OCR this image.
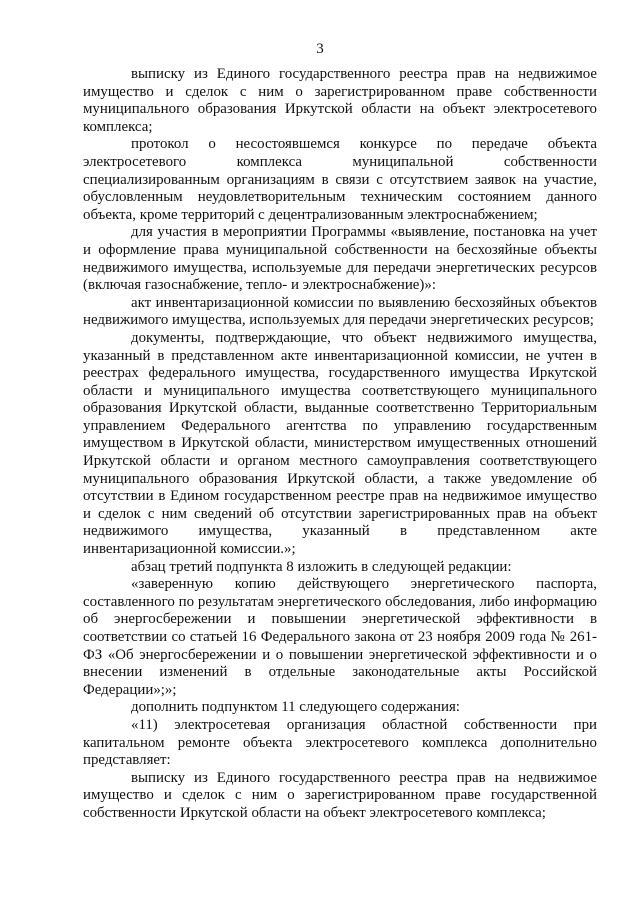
3

выписку из Единого государственного реестра прав на недвижимое имущество и сделок с ним о зарегистрированном праве собственности муниципального образования Иркутской области на объект электросетевого комплекса;

протокол о несостоявшемся конкурсе по передаче объекта электросетевого комплекса муниципальной собственности специализированным организациям в связи с отсутствием заявок на участие, обусловленным неудовлетворительным техническим состоянием данного объекта, кроме территорий с децентрализованным электроснабжением;

для участия в мероприятии Программы «выявление, постановка на учет и оформление права муниципальной собственности на бесхозяйные объекты недвижимого имущества, используемые для передачи энергетических ресурсов (включая газоснабжение, тепло- и электроснабжение)»:

акт инвентаризационной комиссии по выявлению бесхозяйных объектов недвижимого имущества, используемых для передачи энергетических ресурсов;

документы, подтверждающие, что объект недвижимого имущества, указанный в представленном акте инвентаризационной комиссии, не учтен в реестрах федерального имущества, государственного имущества Иркутской области и муниципального имущества соответствующего муниципального образования Иркутской области, выданные соответственно Территориальным управлением Федерального агентства по управлению государственным имуществом в Иркутской области, министерством имущественных отношений Иркутской области и органом местного самоуправления соответствующего муниципального образования Иркутской области, а также уведомление об отсутствии в Едином государственном реестре прав на недвижимое имущество и сделок с ним сведений об отсутствии зарегистрированных прав на объект недвижимого имущества, указанный в представленном акте инвентаризационной комиссии.»;

абзац третий подпункта 8 изложить в следующей редакции:

«заверенную копию действующего энергетического паспорта, составленного по результатам энергетического обследования, либо информацию об энергосбережении и повышении энергетической эффективности в соответствии со статьей 16 Федерального закона от 23 ноября 2009 года № 261-ФЗ «Об энергосбережении и о повышении энергетической эффективности и о внесении изменений в отдельные законодательные акты Российской Федерации»;»;

дополнить подпунктом 11 следующего содержания:

«11) электросетевая организация областной собственности при капитальном ремонте объекта электросетевого комплекса дополнительно представляет:

выписку из Единого государственного реестра прав на недвижимое имущество и сделок с ним о зарегистрированном праве государственной собственности Иркутской области на объект электросетевого комплекса;
